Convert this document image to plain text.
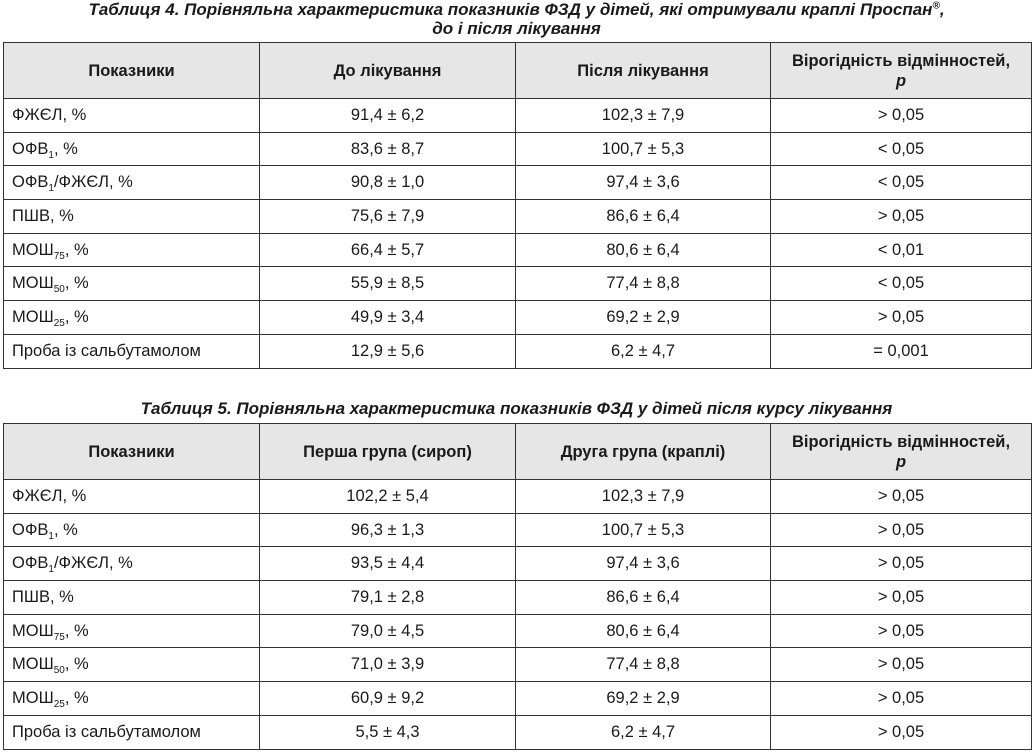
Таблиця 4. Порівняльна характеристика показників ФЗД у дітей, які отримували краплі Проспан®,
до і після лікування
Показники	До лікування	Після лікування	Вірогідність відмінностей,
p
ФЖЄЛ, %	91,4 ± 6,2	102,3 ± 7,9	> 0,05
$ОФВ_1$, %	83,6 ± 8,7	100,7 ± 5,3	< 0,05
$ОФВ_1$/ФЖЄЛ, %	90,8 ± 1,0	97,4 ± 3,6	< 0,05
ПШВ, %	75,6 ± 7,9	86,6 ± 6,4	> 0,05
$МОШ_{75}$, %	66,4 ± 5,7	80,6 ± 6,4	< 0,01
$МОШ_{50}$, %	55,9 ± 8,5	77,4 ± 8,8	< 0,05
$МОШ_{25}$, %	49,9 ± 3,4	69,2 ± 2,9	> 0,05
Проба із сальбутамолом	12,9 ± 5,6	6,2 ± 4,7	= 0,001
Таблиця 5. Порівняльна характеристика показників ФЗД у дітей після курсу лікування
Показники	Перша група (сироп)	Друга група (краплі)	Вірогідність відмінностей,
p
ФЖЄЛ, %	102,2 ± 5,4	102,3 ± 7,9	> 0,05
$ОФВ_1$, %	96,3 ± 1,3	100,7 ± 5,3	> 0,05
$ОФВ_1$/ФЖЄЛ, %	93,5 ± 4,4	97,4 ± 3,6	> 0,05
ПШВ, %	79,1 ± 2,8	86,6 ± 6,4	> 0,05
$МОШ_{75}$, %	79,0 ± 4,5	80,6 ± 6,4	> 0,05
$МОШ_{50}$, %	71,0 ± 3,9	77,4 ± 8,8	> 0,05
$МОШ_{25}$, %	60,9 ± 9,2	69,2 ± 2,9	> 0,05
Проба із сальбутамолом	5,5 ± 4,3	6,2 ± 4,7	> 0,05
